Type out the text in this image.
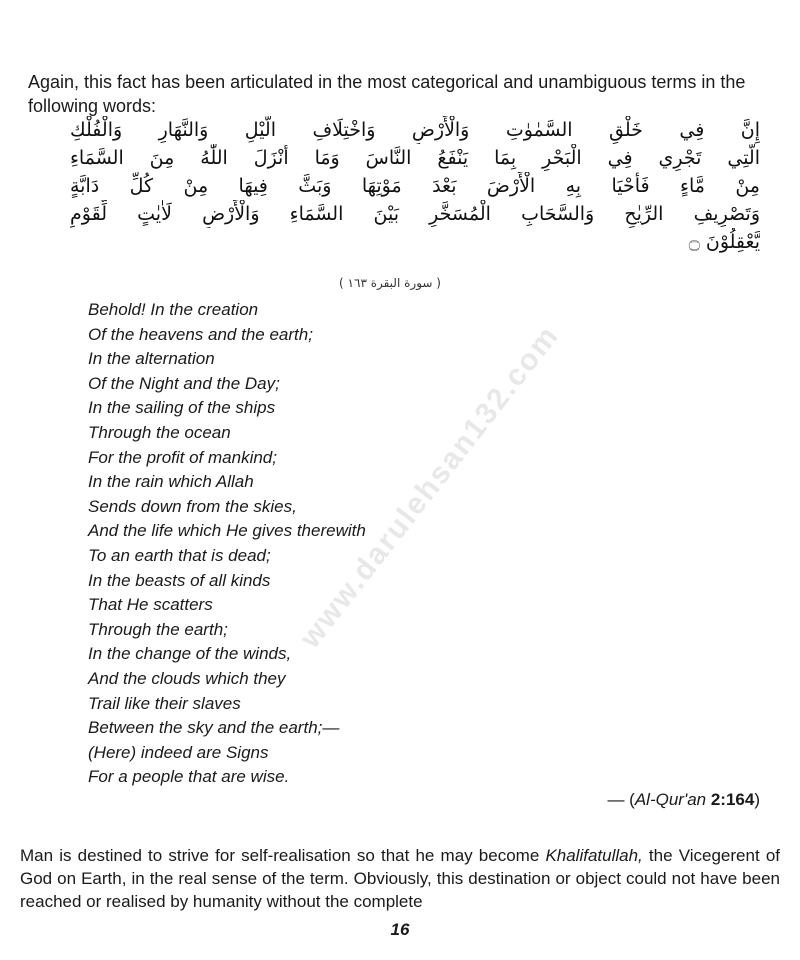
Again, this fact has been articulated in the most categorical and unambiguous terms in the following words:

إِنَّ فِي خَلْقِ السَّمٰوٰتِ وَالْأَرْضِ وَاخْتِلَافِ الَّيْلِ وَالنَّهَارِ وَالْفُلْكِ
الَّتِي تَجْرِي فِي الْبَحْرِ بِمَا يَنْفَعُ النَّاسَ وَمَا أَنْزَلَ اللّٰهُ مِنَ السَّمَاءِ
مِنْ مَّاءٍ فَأَحْيَا بِهِ الْأَرْضَ بَعْدَ مَوْتِهَا وَبَثَّ فِيهَا مِنْ كُلِّ دَابَّةٍ
وَتَصْرِيفِ الرِّيٰحِ وَالسَّحَابِ الْمُسَخَّرِ بَيْنَ السَّمَاءِ وَالْأَرْضِ لَاٰيٰتٍ لِّقَوْمٍ
يَّعْقِلُوْنَ ۝
( سورة البقرة ١٦٣ )
Behold! In the creation
Of the heavens and the earth;
In the alternation
Of the Night and the Day;
In the sailing of the ships
Through the ocean
For the profit of mankind;
In the rain which Allah
Sends down from the skies,
And the life which He gives therewith
To an earth that is dead;
In the beasts of all kinds
That He scatters
Through the earth;
In the change of the winds,
And the clouds which they
Trail like their slaves
Between the sky and the earth;—
(Here) indeed are Signs
For a people that are wise.
— (Al-Qur'an 2:164)

Man is destined to strive for self-realisation so that he may become Khalifatullah, the Vicegerent of God on Earth, in the real sense of the term. Obviously, this destination or object could not have been reached or realised by humanity without the complete

16
www.darulehsan132.com
